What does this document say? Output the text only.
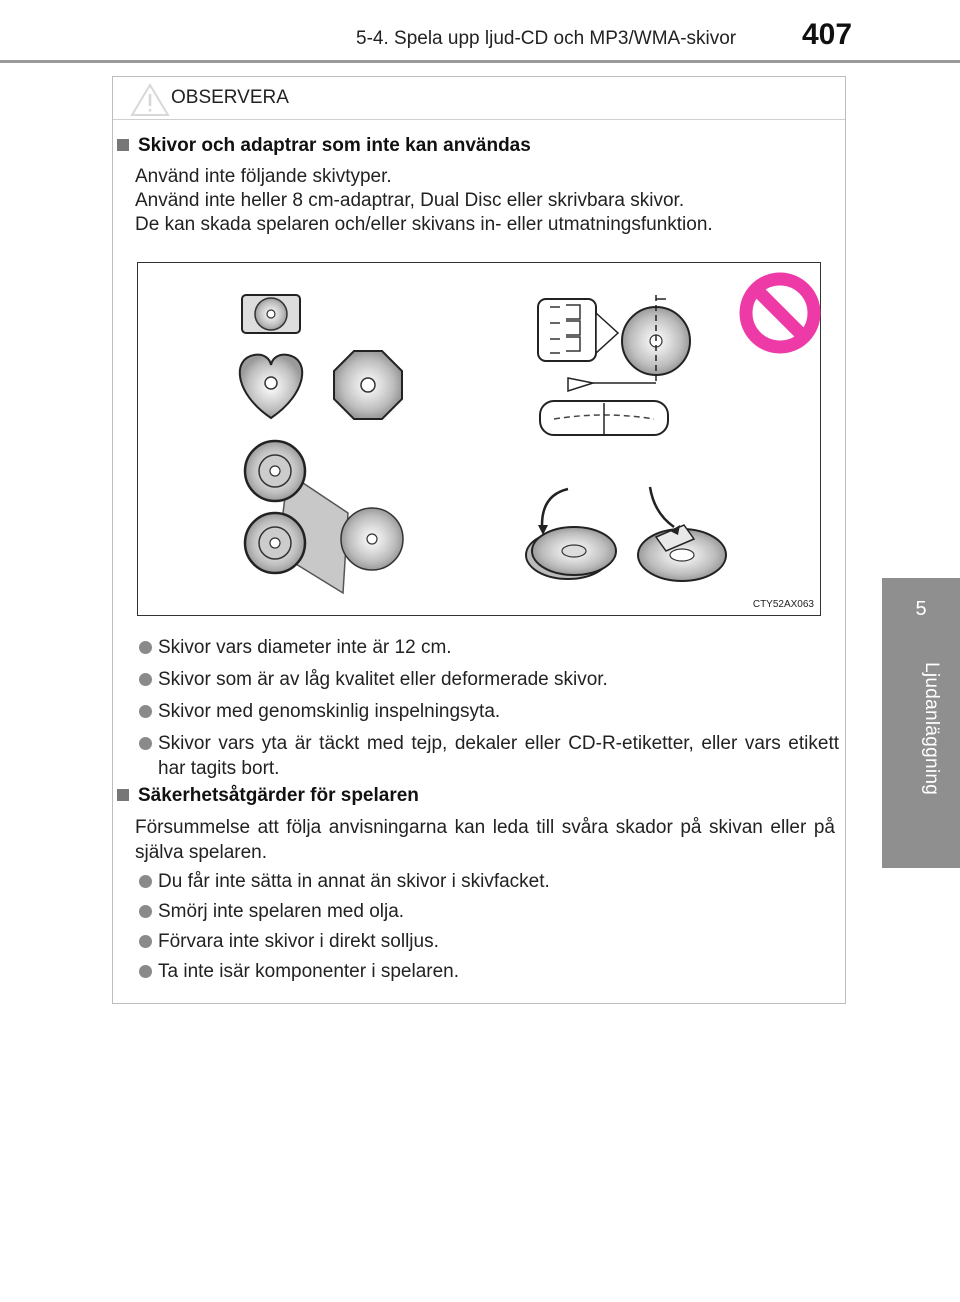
5-4. Spela upp ljud-CD och MP3/WMA-skivor 407
5
Ljudanläggning
OBSERVERA
Skivor och adaptrar som inte kan användas
Använd inte följande skivtyper.
Använd inte heller 8 cm-adaptrar, Dual Disc eller skrivbara skivor.
De kan skada spelaren och/eller skivans in- eller utmatningsfunktion.
CTY52AX063
Skivor vars diameter inte är 12 cm.
Skivor som är av låg kvalitet eller deformerade skivor.
Skivor med genomskinlig inspelningsyta.
Skivor vars yta är täckt med tejp, dekaler eller CD-R-etiketter, eller vars etikett har tagits bort.
Säkerhetsåtgärder för spelaren
Försummelse att följa anvisningarna kan leda till svåra skador på skivan eller på själva spelaren.
Du får inte sätta in annat än skivor i skivfacket.
Smörj inte spelaren med olja.
Förvara inte skivor i direkt solljus.
Ta inte isär komponenter i spelaren.
